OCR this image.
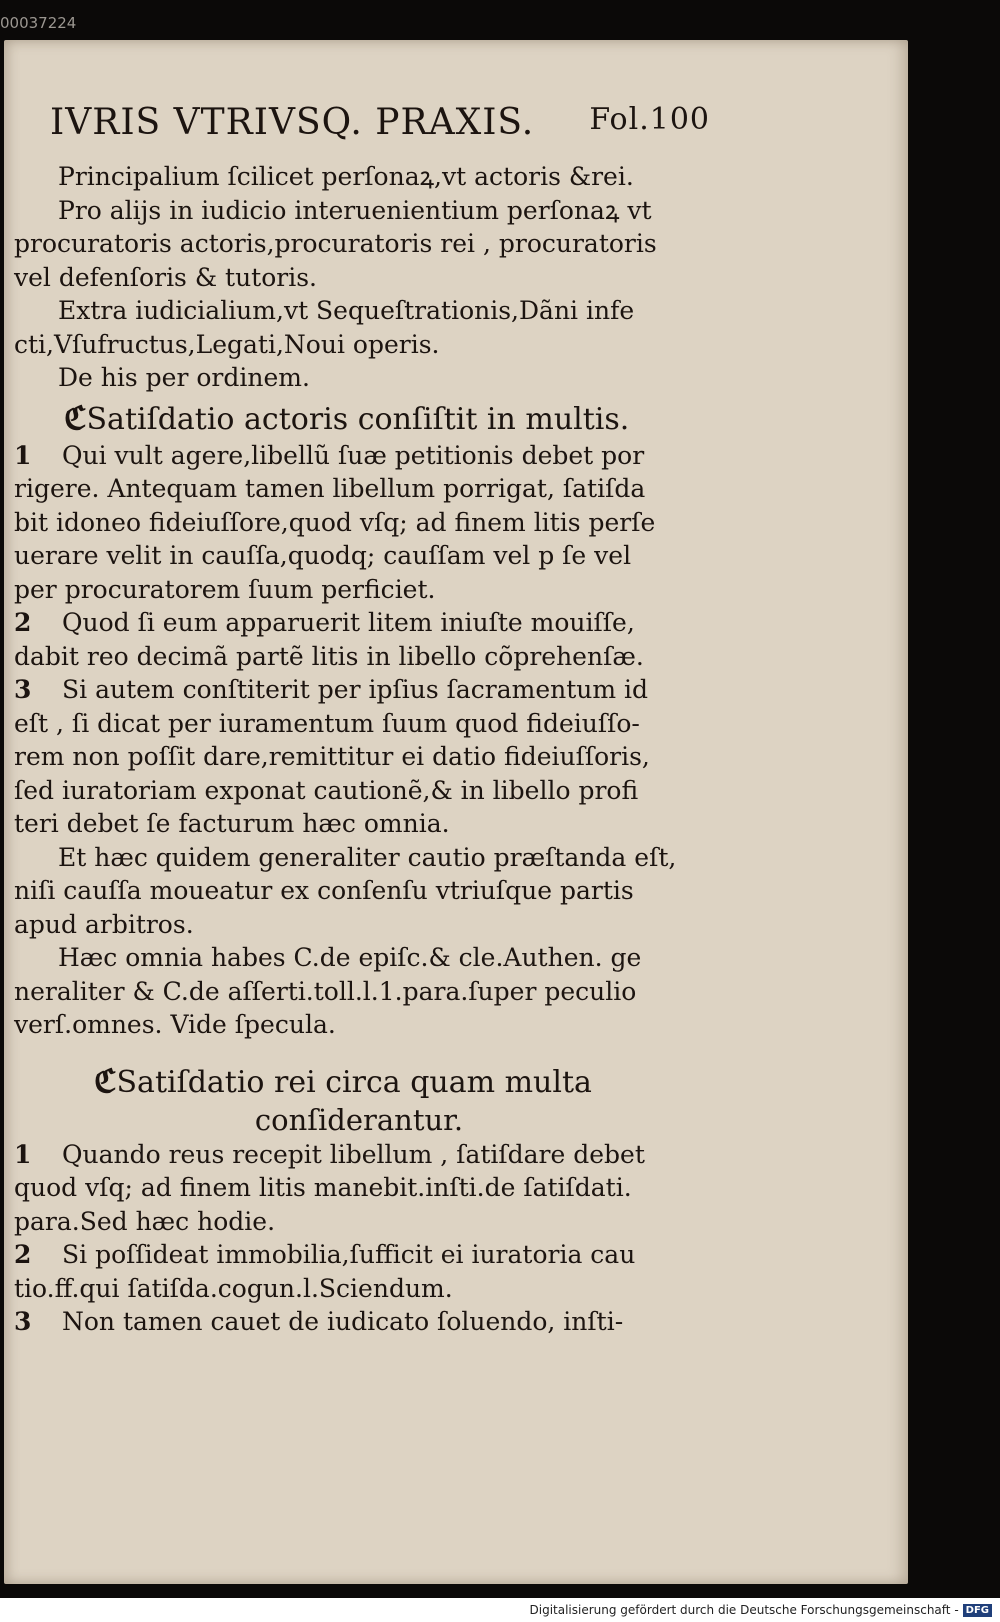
00037224
IVRIS VTRIVSQ. PRAXIS. Fol.100

Principalium ſcilicet perſonaꝝ,vt actoris &rei.

Pro alijs in iudicio interuenientium perſonaꝝ vt

procuratoris actoris,procuratoris rei , procuratoris

vel defenſoris & tutoris.

Extra iudicialium,vt Sequeſtrationis,Dãni infe

cti,Vſufructus,Legati,Noui operis.

De his per ordinem.

ℭSatiſdatio actoris conſiſtit in multis.

1 Qui vult agere,libellũ ſuæ petitionis debet por

rigere. Antequam tamen libellum porrigat, ſatiſda

bit idoneo fideiuſſore,quod vſq; ad finem litis perſe

uerare velit in cauſſa,quodq; cauſſam vel p ſe vel

per procuratorem ſuum perficiet.

2 Quod ſi eum apparuerit litem iniuſte mouiſſe,

dabit reo decimã partẽ litis in libello cõprehenſæ.

3 Si autem conſtiterit per ipſius ſacramentum id

eſt , ſi dicat per iuramentum ſuum quod fideiuſſo-

rem non poſſit dare,remittitur ei datio fideiuſſoris,

ſed iuratoriam exponat cautionẽ,& in libello profi

teri debet ſe facturum hæc omnia.

Et hæc quidem generaliter cautio præſtanda eſt,

niſi cauſſa moueatur ex conſenſu vtriuſque partis

apud arbitros.

Hæc omnia habes C.de epiſc.& cle.Authen. ge

neraliter & C.de aſſerti.toll.l.1.para.ſuper peculio

verſ.omnes. Vide ſpecula.

ℭSatiſdatio rei circa quam multa

conſiderantur.

1 Quando reus recepit libellum , ſatiſdare debet

quod vſq; ad finem litis manebit.inſti.de ſatiſdati.

para.Sed hæc hodie.

2 Si poſſideat immobilia,ſufficit ei iuratoria cau

tio.ff.qui ſatiſda.cogun.l.Sciendum.

3 Non tamen cauet de iudicato ſoluendo, inſti-

Digitalisierung gefördert durch die Deutsche Forschungsgemeinschaft - DFG
